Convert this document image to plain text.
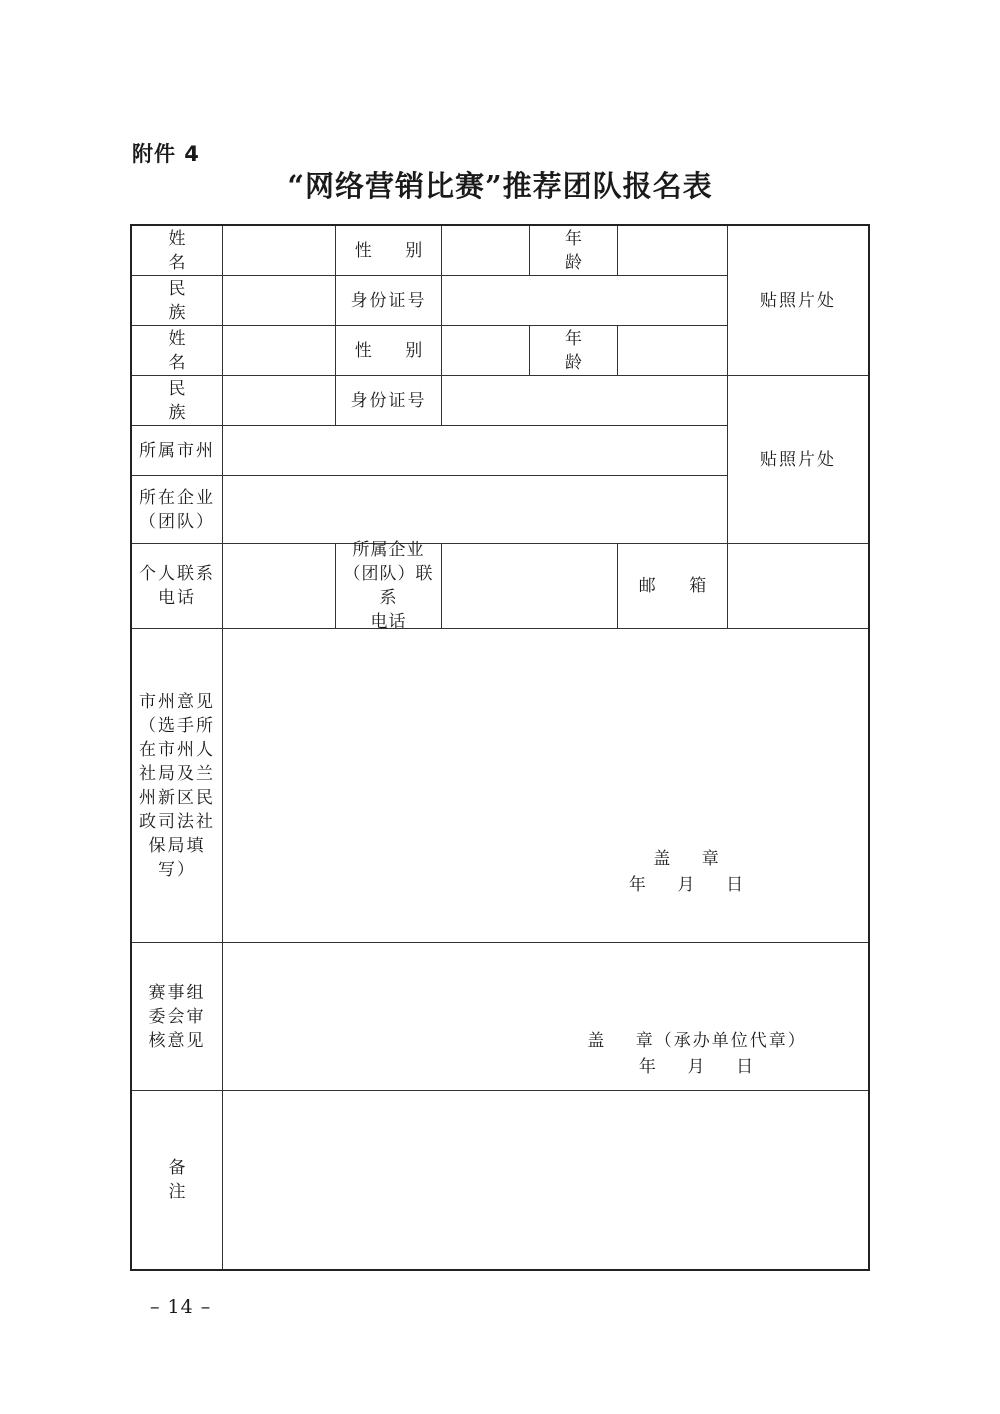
附件 4
“网络营销比赛”推荐团队报名表
姓 名
性 别
年 龄
贴照片处
民 族
身份证号
姓 名
性 别
年 龄
民 族
身份证号
贴照片处
所属市州
所在企业
（团队）
个人联系
电话
所属企业
（团队）联系
电话
邮 箱
市州意见
（选手所
在市州人
社局及兰
州新区民
政司法社
保局填
写）
盖    章
年    月    日
赛事组
委会审
核意见	盖    章（承办单位代章）
年    月    日
备 注
– 14 –
